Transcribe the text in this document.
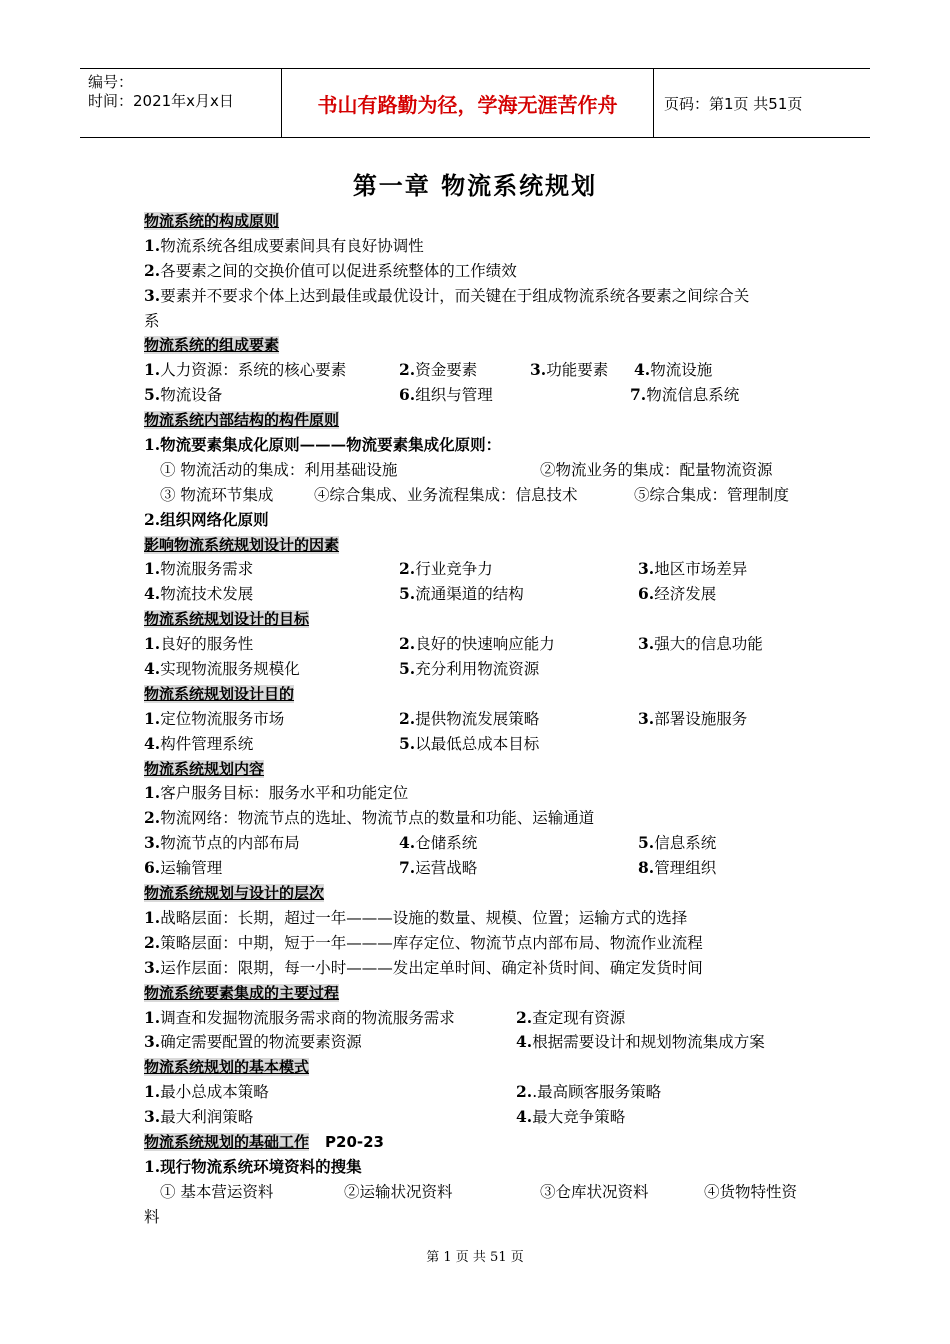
编号：
时间：2021年x月x日	书山有路勤为径，学海无涯苦作舟	页码：第1页 共51页
第一章 物流系统规划
物流系统的构成原则
1.物流系统各组成要素间具有良好协调性
2.各要素之间的交换价值可以促进系统整体的工作绩效
3.要素并不要求个体上达到最佳或最优设计，而关键在于组成物流系统各要素之间综合关
系
物流系统的组成要素
1.人力资源：系统的核心要素	2.资金要素	3.功能要素 4.物流设施
5.物流设备	6.组织与管理	7.物流信息系统
物流系统内部结构的构件原则
1.物流要素集成化原则———物流要素集成化原则：
① 物流活动的集成：利用基础设施	②物流业务的集成：配量物流资源
③ 物流环节集成	④综合集成、业务流程集成：信息技术	⑤综合集成：管理制度
2.组织网络化原则
影响物流系统规划设计的因素
1.物流服务需求	2.行业竞争力	3.地区市场差异
4.物流技术发展	5.流通渠道的结构	6.经济发展
物流系统规划设计的目标
1.良好的服务性	2.良好的快速响应能力	3.强大的信息功能
4.实现物流服务规模化	5.充分利用物流资源
物流系统规划设计目的
1.定位物流服务市场	2.提供物流发展策略	3.部署设施服务
4.构件管理系统	5.以最低总成本目标
物流系统规划内容
1.客户服务目标：服务水平和功能定位
2.物流网络：物流节点的选址、物流节点的数量和功能、运输通道
3.物流节点的内部布局	4.仓储系统	5.信息系统
6.运输管理	7.运营战略	8.管理组织
物流系统规划与设计的层次
1.战略层面：长期，超过一年———设施的数量、规模、位置；运输方式的选择
2.策略层面：中期，短于一年———库存定位、物流节点内部布局、物流作业流程
3.运作层面：限期，每一小时———发出定单时间、确定补货时间、确定发货时间
物流系统要素集成的主要过程
1.调查和发掘物流服务需求商的物流服务需求	2.查定现有资源
3.确定需要配置的物流要素资源	4.根据需要设计和规划物流集成方案
物流系统规划的基本模式
1.最小总成本策略	2..最高顾客服务策略
3.最大利润策略	4.最大竞争策略
物流系统规划的基础工作 P20-23
1.现行物流系统环境资料的搜集
① 基本营运资料	②运输状况资料	③仓库状况资料	④货物特性资
料
第 1 页 共 51 页
